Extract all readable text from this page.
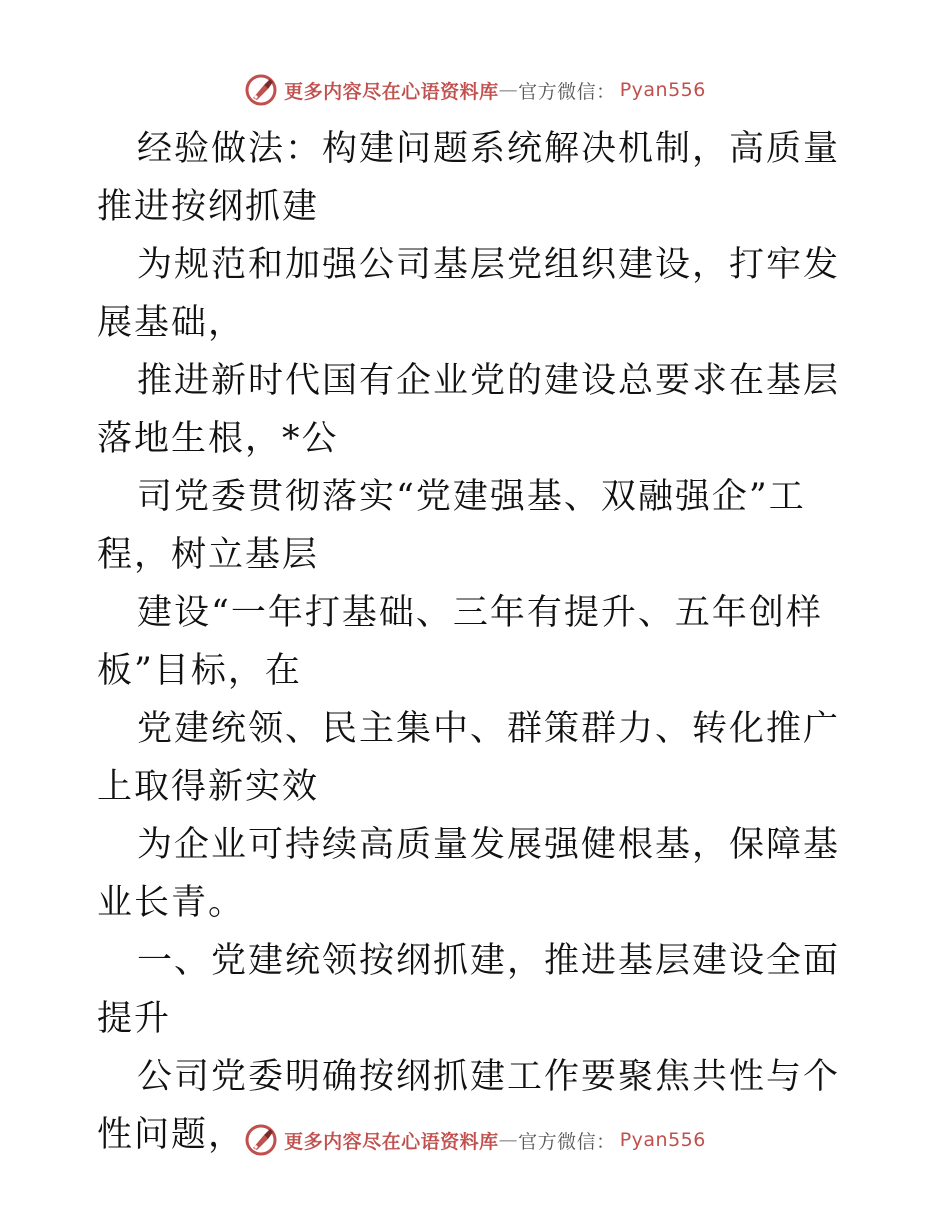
更多内容尽在心语资料库 — 官方微信： Pyan556

经验做法：构建问题系统解决机制，高质量推进按纲抓建

为规范和加强公司基层党组织建设，打牢发展基础，

推进新时代国有企业党的建设总要求在基层落地生根，*公

司党委贯彻落实“党建强基、双融强企”工程，树立基层

建设“一年打基础、三年有提升、五年创样板”目标，在

党建统领、民主集中、群策群力、转化推广上取得新实效

为企业可持续高质量发展强健根基，保障基业长青。

一、党建统领按纲抓建，推进基层建设全面提升

公司党委明确按纲抓建工作要聚焦共性与个性问题，	更多内容尽在心语资料库 — 官方微信： Pyan556
